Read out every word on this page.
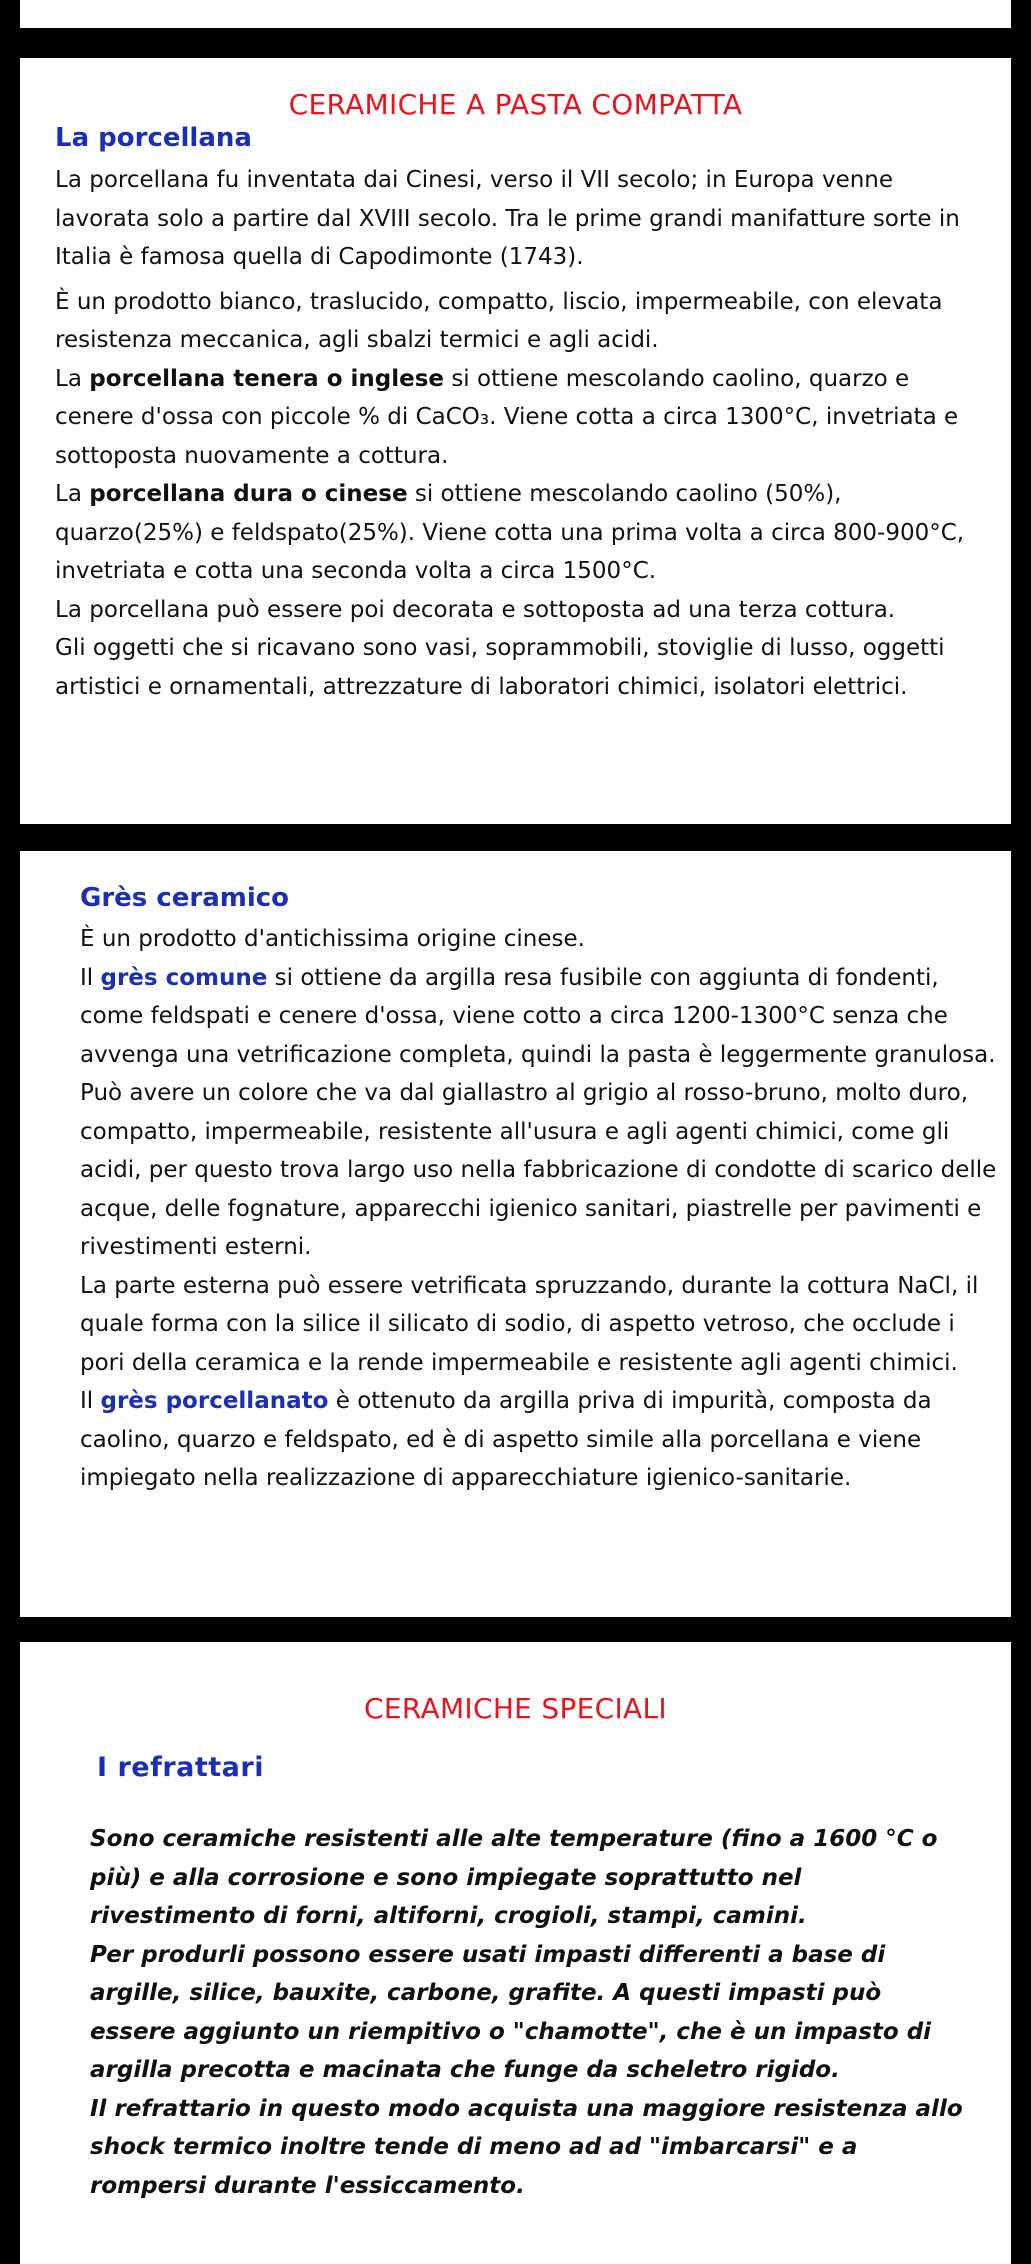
CERAMICHE A PASTA COMPATTA
La porcellana

La porcellana fu inventata dai Cinesi, verso il VII secolo; in Europa venne lavorata solo a partire dal XVIII secolo. Tra le prime grandi manifatture sorte in Italia è famosa quella di Capodimonte (1743).

È un prodotto bianco, traslucido, compatto, liscio, impermeabile, con elevata resistenza meccanica, agli sbalzi termici e agli acidi.

La porcellana tenera o inglese si ottiene mescolando caolino, quarzo e cenere d'ossa con piccole % di CaCO₃. Viene cotta a circa 1300°C, invetriata e sottoposta nuovamente a cottura.

La porcellana dura o cinese si ottiene mescolando caolino (50%), quarzo(25%) e feldspato(25%). Viene cotta una prima volta a circa 800-900°C, invetriata e cotta una seconda volta a circa 1500°C.

La porcellana può essere poi decorata e sottoposta ad una terza cottura.

Gli oggetti che si ricavano sono vasi, soprammobili, stoviglie di lusso, oggetti artistici e ornamentali, attrezzature di laboratori chimici, isolatori elettrici.

Grès ceramico

È un prodotto d'antichissima origine cinese.

Il grès comune si ottiene da argilla resa fusibile con aggiunta di fondenti, come feldspati e cenere d'ossa, viene cotto a circa 1200-1300°C senza che avvenga una vetrificazione completa, quindi la pasta è leggermente granulosa.

Può avere un colore che va dal giallastro al grigio al rosso-bruno, molto duro, compatto, impermeabile, resistente all'usura e agli agenti chimici, come gli acidi, per questo trova largo uso nella fabbricazione di condotte di scarico delle acque, delle fognature, apparecchi igienico sanitari, piastrelle per pavimenti e rivestimenti esterni.

La parte esterna può essere vetrificata spruzzando, durante la cottura NaCl, il quale forma con la silice il silicato di sodio, di aspetto vetroso, che occlude i pori della ceramica e la rende impermeabile e resistente agli agenti chimici.

Il grès porcellanato è ottenuto da argilla priva di impurità, composta da caolino, quarzo e feldspato, ed è di aspetto simile alla porcellana e viene impiegato nella realizzazione di apparecchiature igienico-sanitarie.

CERAMICHE SPECIALI
I refrattari

Sono ceramiche resistenti alle alte temperature (fino a 1600 °C o più) e alla corrosione e sono impiegate soprattutto nel rivestimento di forni, altiforni, crogioli, stampi, camini.

Per produrli possono essere usati impasti differenti a base di argille, silice, bauxite, carbone, grafite. A questi impasti può essere aggiunto un riempitivo o "chamotte", che è un impasto di argilla precotta e macinata che funge da scheletro rigido.

Il refrattario in questo modo acquista una maggiore resistenza allo shock termico inoltre tende di meno ad ad "imbarcarsi" e a rompersi durante l'essiccamento.
